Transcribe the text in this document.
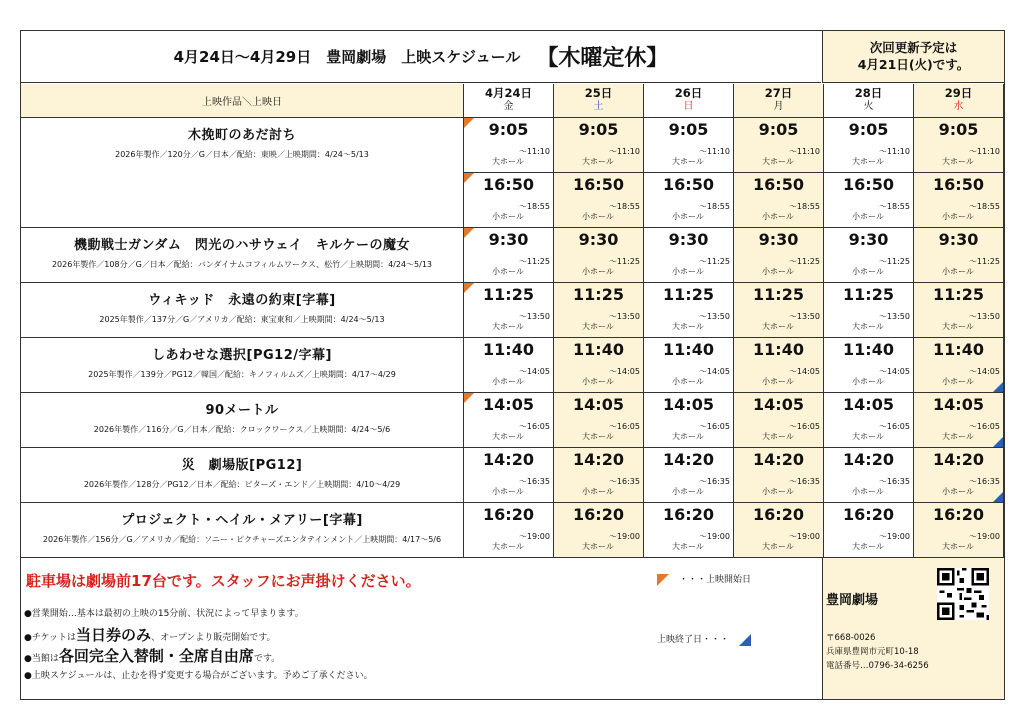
4月24日～4月29日　豊岡劇場　上映スケジュール 【木曜定休】	次回更新予定は
4月21日(火)です。
上映作品＼上映日
4月24日
金
25日
土
26日
日
27日
月
28日
火
29日
水
木挽町のあだ討ち
2026年製作／120分／G／日本／配給：東映／上映期間：4/24～5/13
9:05
～11:10
大ホール
9:05
～11:10
大ホール
9:05
～11:10
大ホール
9:05
～11:10
大ホール
9:05
～11:10
大ホール
9:05
～11:10
大ホール
16:50
～18:55
小ホール
16:50
～18:55
小ホール
16:50
～18:55
小ホール
16:50
～18:55
小ホール
16:50
～18:55
小ホール
16:50
～18:55
小ホール
機動戦士ガンダム　閃光のハサウェイ　キルケーの魔女
2026年製作／108分／G／日本／配給：バンダイナムコフィルムワークス、松竹／上映期間：4/24～5/13
9:30
～11:25
小ホール
9:30
～11:25
小ホール
9:30
～11:25
小ホール
9:30
～11:25
小ホール
9:30
～11:25
小ホール
9:30
～11:25
小ホール
ウィキッド　永遠の約束[字幕]
2025年製作／137分／G／アメリカ／配給：東宝東和／上映期間：4/24～5/13
11:25
～13:50
大ホール
11:25
～13:50
大ホール
11:25
～13:50
大ホール
11:25
～13:50
大ホール
11:25
～13:50
大ホール
11:25
～13:50
大ホール
しあわせな選択[PG12/字幕]
2025年製作／139分／PG12／韓国／配給：キノフィルムズ／上映期間：4/17～4/29
11:40
～14:05
小ホール
11:40
～14:05
小ホール
11:40
～14:05
小ホール
11:40
～14:05
小ホール
11:40
～14:05
小ホール
11:40
～14:05
小ホール
90メートル
2026年製作／116分／G／日本／配給：クロックワークス／上映期間：4/24～5/6
14:05
～16:05
大ホール
14:05
～16:05
大ホール
14:05
～16:05
大ホール
14:05
～16:05
大ホール
14:05
～16:05
大ホール
14:05
～16:05
大ホール
災　劇場版[PG12]
2026年製作／128分／PG12／日本／配給：ビターズ・エンド／上映期間：4/10～4/29
14:20
～16:35
小ホール
14:20
～16:35
小ホール
14:20
～16:35
小ホール
14:20
～16:35
小ホール
14:20
～16:35
小ホール
14:20
～16:35
小ホール
プロジェクト・ヘイル・メアリー[字幕]
2026年製作／156分／G／アメリカ／配給：ソニー・ピクチャーズエンタテインメント／上映期間：4/17～5/6
16:20
～19:00
大ホール
16:20
～19:00
大ホール
16:20
～19:00
大ホール
16:20
～19:00
大ホール
16:20
～19:00
大ホール
16:20
～19:00
大ホール
駐車場は劇場前17台です。スタッフにお声掛けください。
●営業開始…基本は最初の上映の15分前、状況によって早まります。
●チケットは当日券のみ、オープンより販売開始です。
●当館は各回完全入替制・全席自由席です。
●上映スケジュールは、止むを得ず変更する場合がございます。予めご了承ください。
・・・上映開始日
上映終了日・・・
豊岡劇場
〒668-0026
兵庫県豊岡市元町10-18
電話番号…0796-34-6256
